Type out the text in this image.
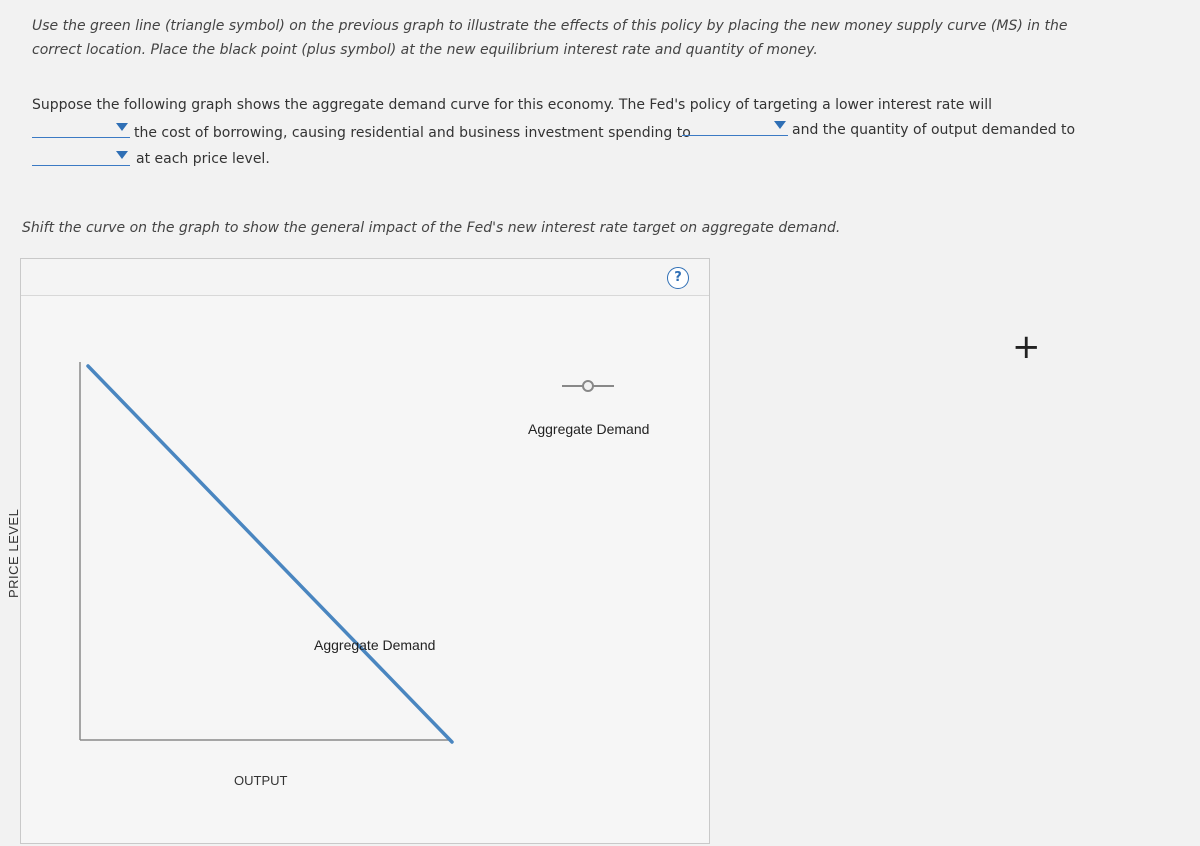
Use the green line (triangle symbol) on the previous graph to illustrate the effects of this policy by placing the new money supply curve (MS) in the correct location. Place the black point (plus symbol) at the new equilibrium interest rate and quantity of money.
Suppose the following graph shows the aggregate demand curve for this economy. The Fed's policy of targeting a lower interest rate will
the cost of borrowing, causing residential and business investment spending to	and the quantity of output demanded to
at each price level.
Shift the curve on the graph to show the general impact of the Fed's new interest rate target on aggregate demand.
?
PRICE LEVEL
OUTPUT
Aggregate Demand
Aggregate Demand
+
